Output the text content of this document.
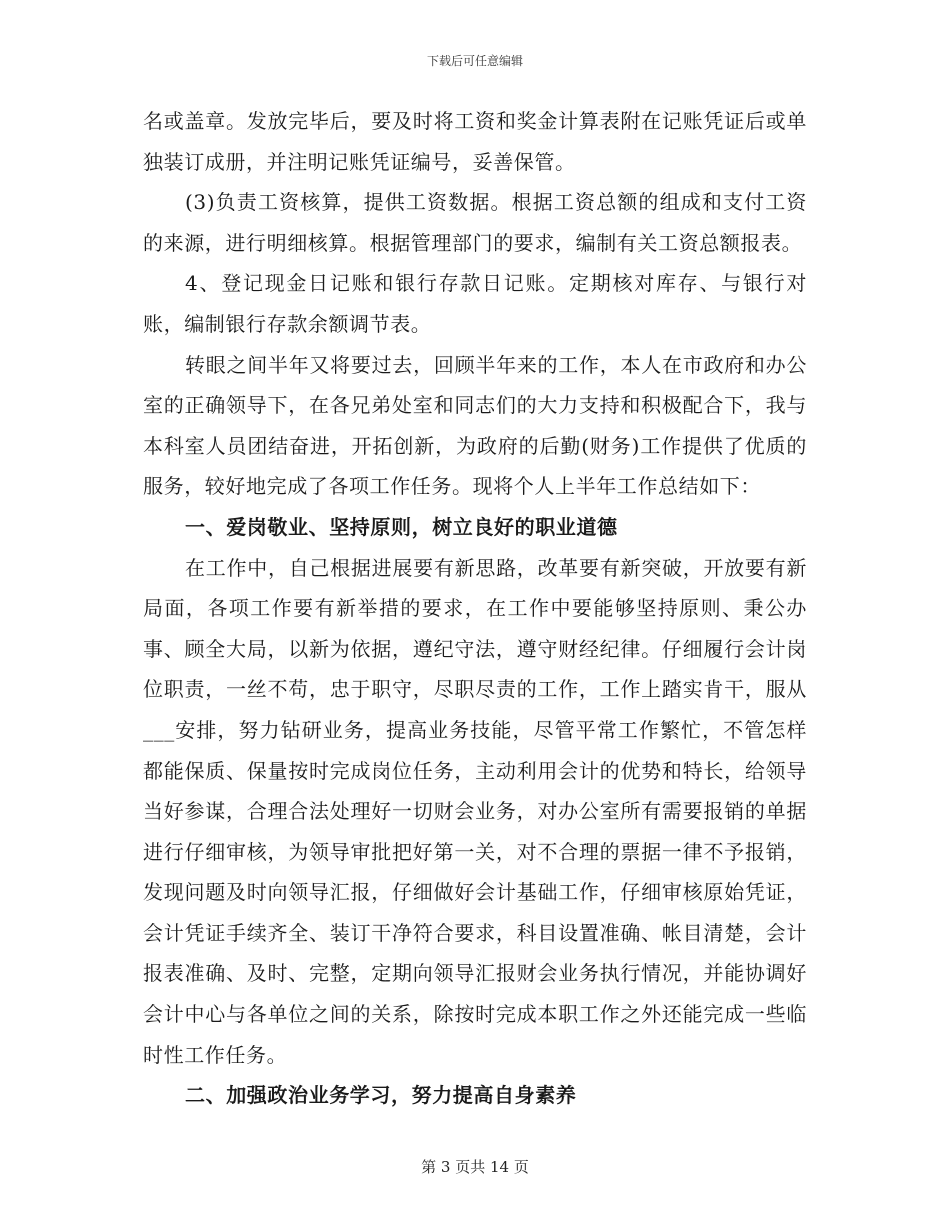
下载后可任意编辑

名或盖章。发放完毕后，要及时将工资和奖金计算表附在记账凭证后或单独装订成册，并注明记账凭证编号，妥善保管。

(3)负责工资核算，提供工资数据。根据工资总额的组成和支付工资的来源，进行明细核算。根据管理部门的要求，编制有关工资总额报表。

4、登记现金日记账和银行存款日记账。定期核对库存、与银行对账，编制银行存款余额调节表。

转眼之间半年又将要过去，回顾半年来的工作，本人在市政府和办公室的正确领导下，在各兄弟处室和同志们的大力支持和积极配合下，我与本科室人员团结奋进，开拓创新，为政府的后勤(财务)工作提供了优质的服务，较好地完成了各项工作任务。现将个人上半年工作总结如下：

一、爱岗敬业、坚持原则，树立良好的职业道德

在工作中，自己根据进展要有新思路，改革要有新突破，开放要有新局面，各项工作要有新举措的要求，在工作中要能够坚持原则、秉公办事、顾全大局，以新为依据，遵纪守法，遵守财经纪律。仔细履行会计岗位职责，一丝不苟，忠于职守，尽职尽责的工作，工作上踏实肯干，服从___安排，努力钻研业务，提高业务技能，尽管平常工作繁忙，不管怎样都能保质、保量按时完成岗位任务，主动利用会计的优势和特长，给领导当好参谋，合理合法处理好一切财会业务，对办公室所有需要报销的单据进行仔细审核，为领导审批把好第一关，对不合理的票据一律不予报销，发现问题及时向领导汇报，仔细做好会计基础工作，仔细审核原始凭证，会计凭证手续齐全、装订干净符合要求，科目设置准确、帐目清楚，会计报表准确、及时、完整，定期向领导汇报财会业务执行情况，并能协调好会计中心与各单位之间的关系，除按时完成本职工作之外还能完成一些临时性工作任务。

二、加强政治业务学习，努力提高自身素养

第 3 页共 14 页
